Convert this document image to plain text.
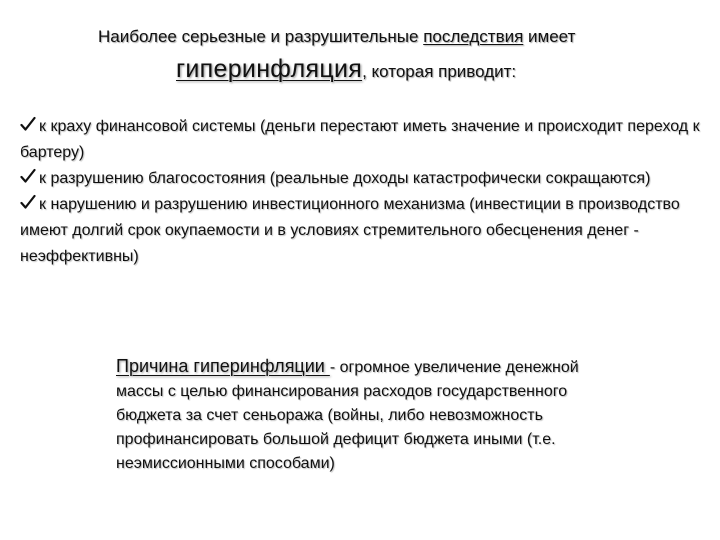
Наиболее серьезные и разрушительные последствия имеет
гиперинфляция, которая приводит:

к краху финансовой системы (деньги перестают иметь значение и происходит переход к бартеру)

к разрушению благосостояния (реальные доходы катастрофически сокращаются)

к нарушению и разрушению инвестиционного механизма (инвестиции в производство имеют долгий срок окупаемости и в условиях стремительного обесценения денег - неэффективны)

Причина гиперинфляции - огромное увеличение денежной массы с целью финансирования расходов государственного бюджета за счет сеньоража (войны, либо невозможность профинансировать большой дефицит бюджета иными (т.е. неэмиссионными способами)
